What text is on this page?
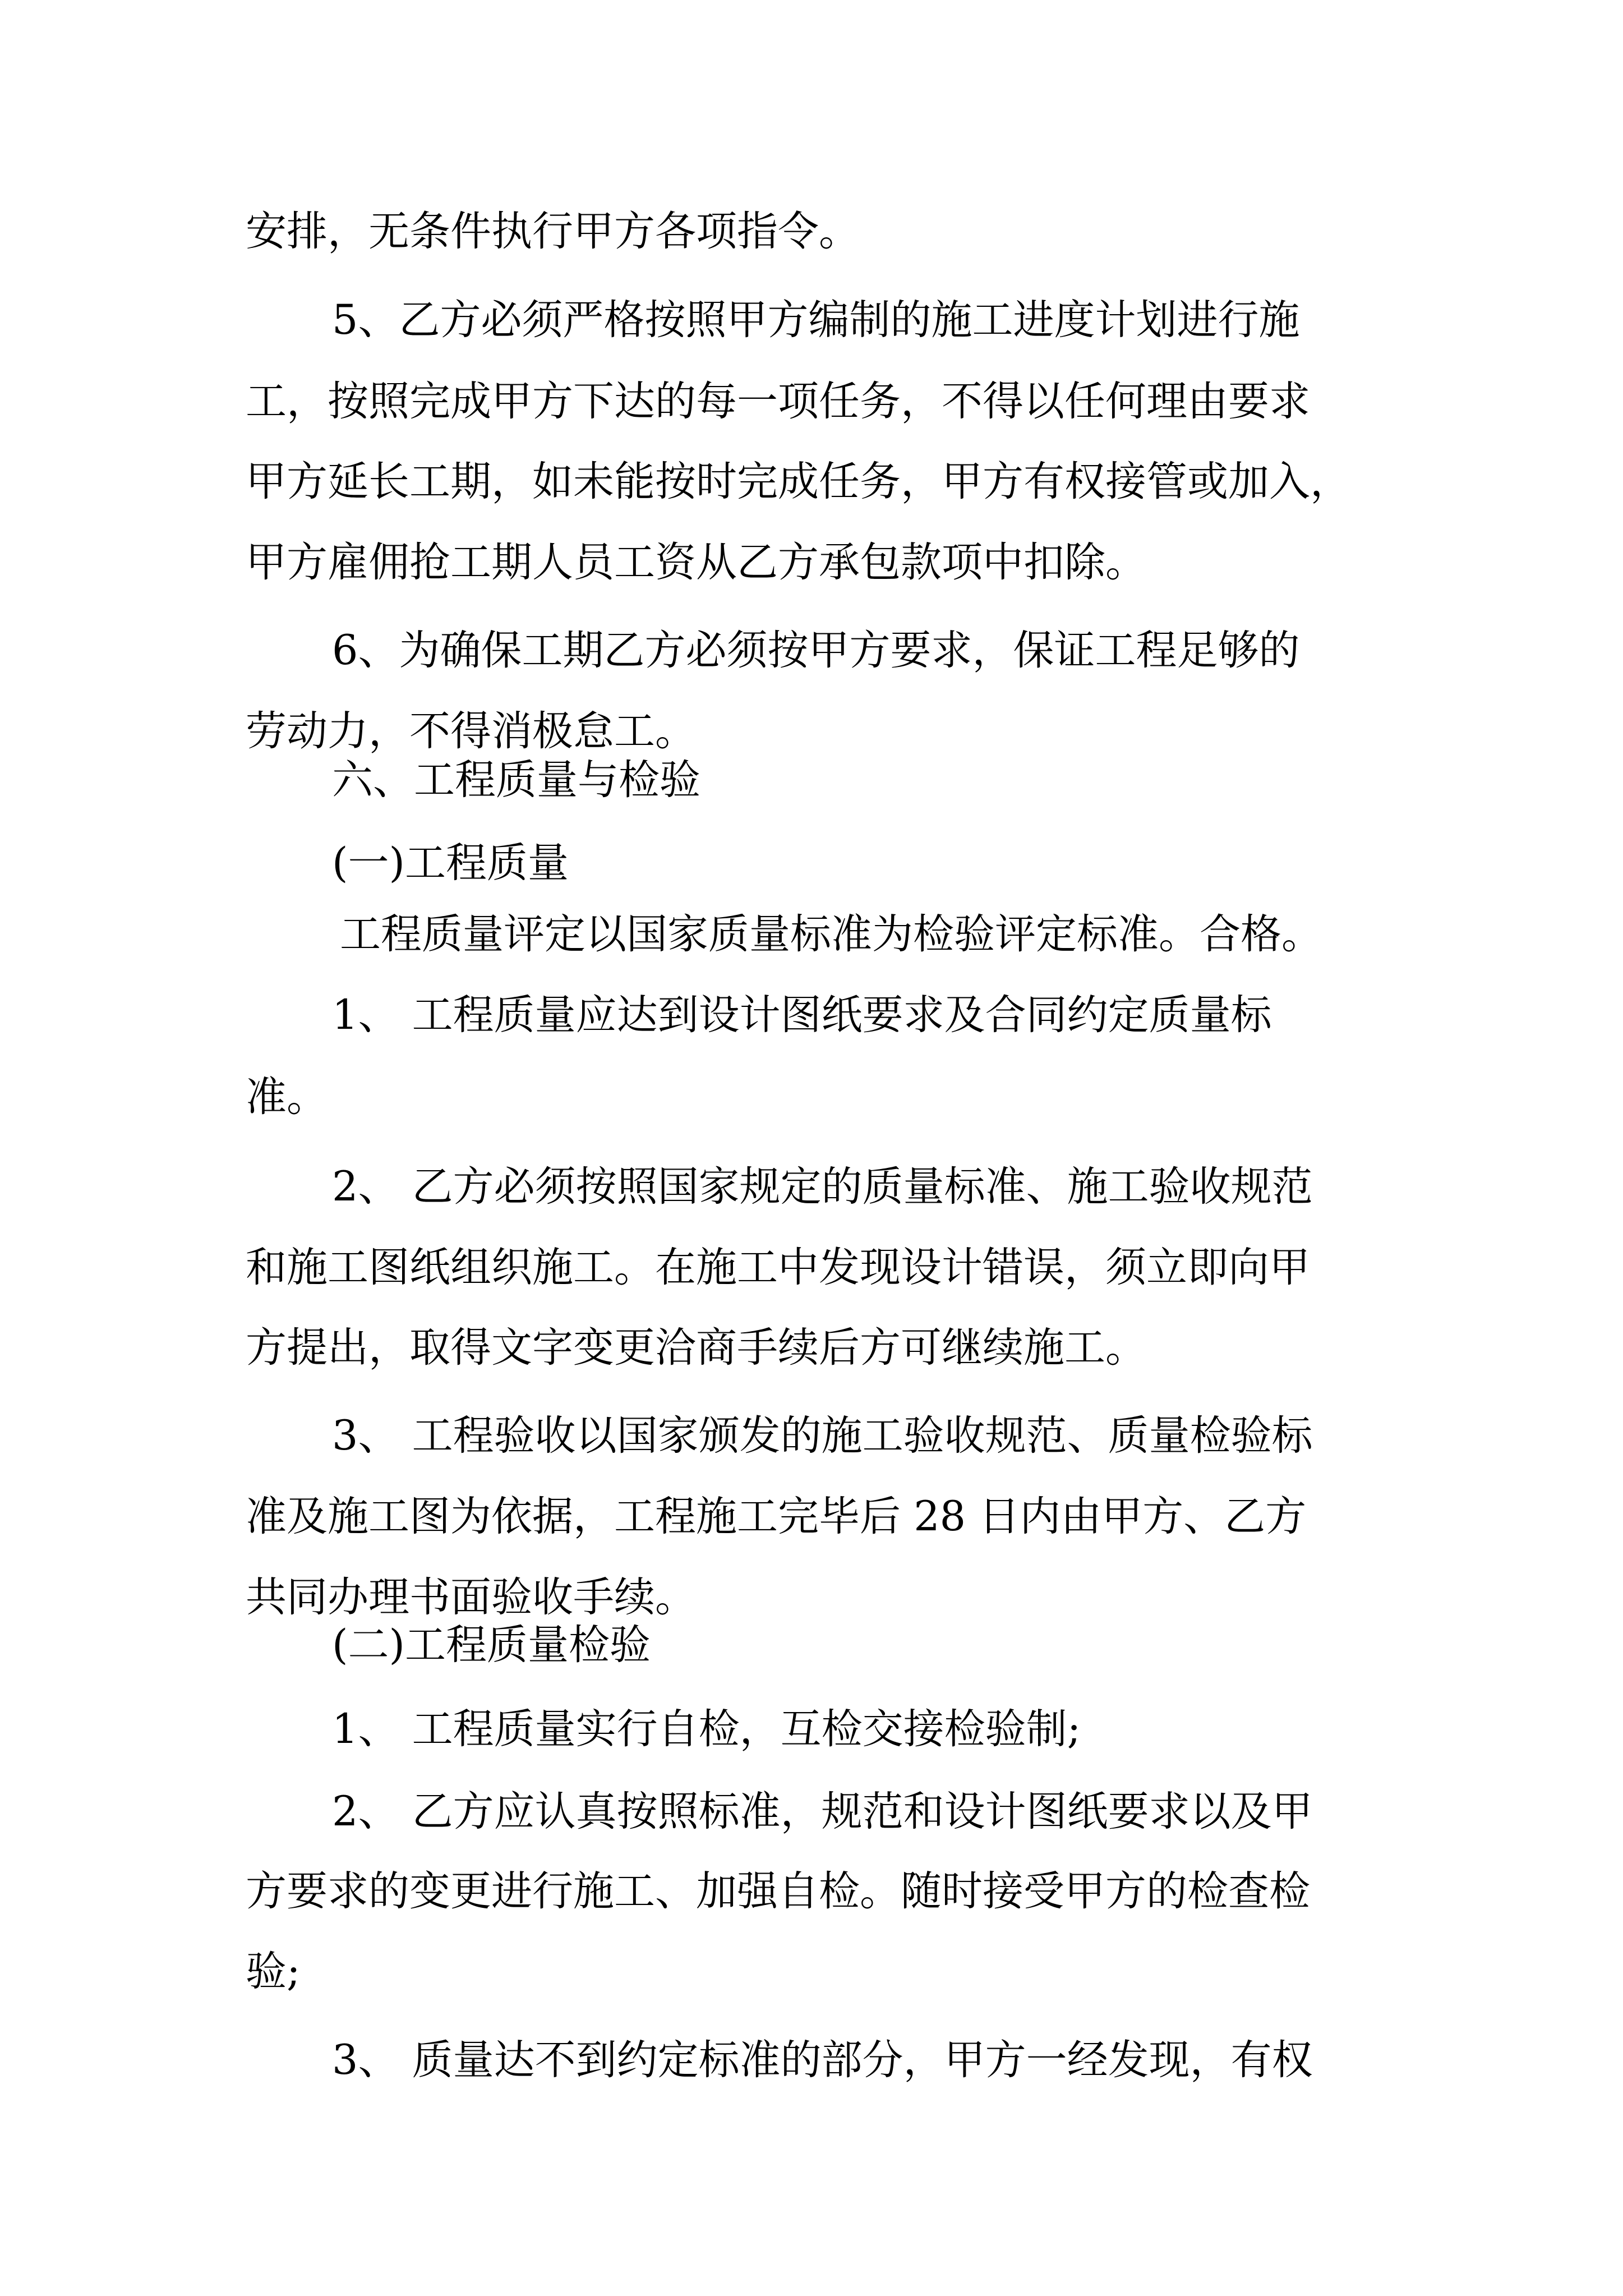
安排，无条件执行甲方各项指令。

5、乙方必须严格按照甲方编制的施工进度计划进行施

工，按照完成甲方下达的每一项任务，不得以任何理由要求

甲方延长工期，如未能按时完成任务，甲方有权接管或加入，

甲方雇佣抢工期人员工资从乙方承包款项中扣除。

6、为确保工期乙方必须按甲方要求，保证工程足够的

劳动力，不得消极怠工。

六、工程质量与检验

(一)工程质量

工程质量评定以国家质量标准为检验评定标准。合格。

1、 工程质量应达到设计图纸要求及合同约定质量标

准。

2、 乙方必须按照国家规定的质量标准、施工验收规范

和施工图纸组织施工。在施工中发现设计错误，须立即向甲

方提出，取得文字变更洽商手续后方可继续施工。

3、 工程验收以国家颁发的施工验收规范、质量检验标

准及施工图为依据，工程施工完毕后 28 日内由甲方、乙方

共同办理书面验收手续。

(二)工程质量检验

1、 工程质量实行自检，互检交接检验制;

2、 乙方应认真按照标准，规范和设计图纸要求以及甲

方要求的变更进行施工、加强自检。随时接受甲方的检查检

验;

3、 质量达不到约定标准的部分，甲方一经发现，有权
